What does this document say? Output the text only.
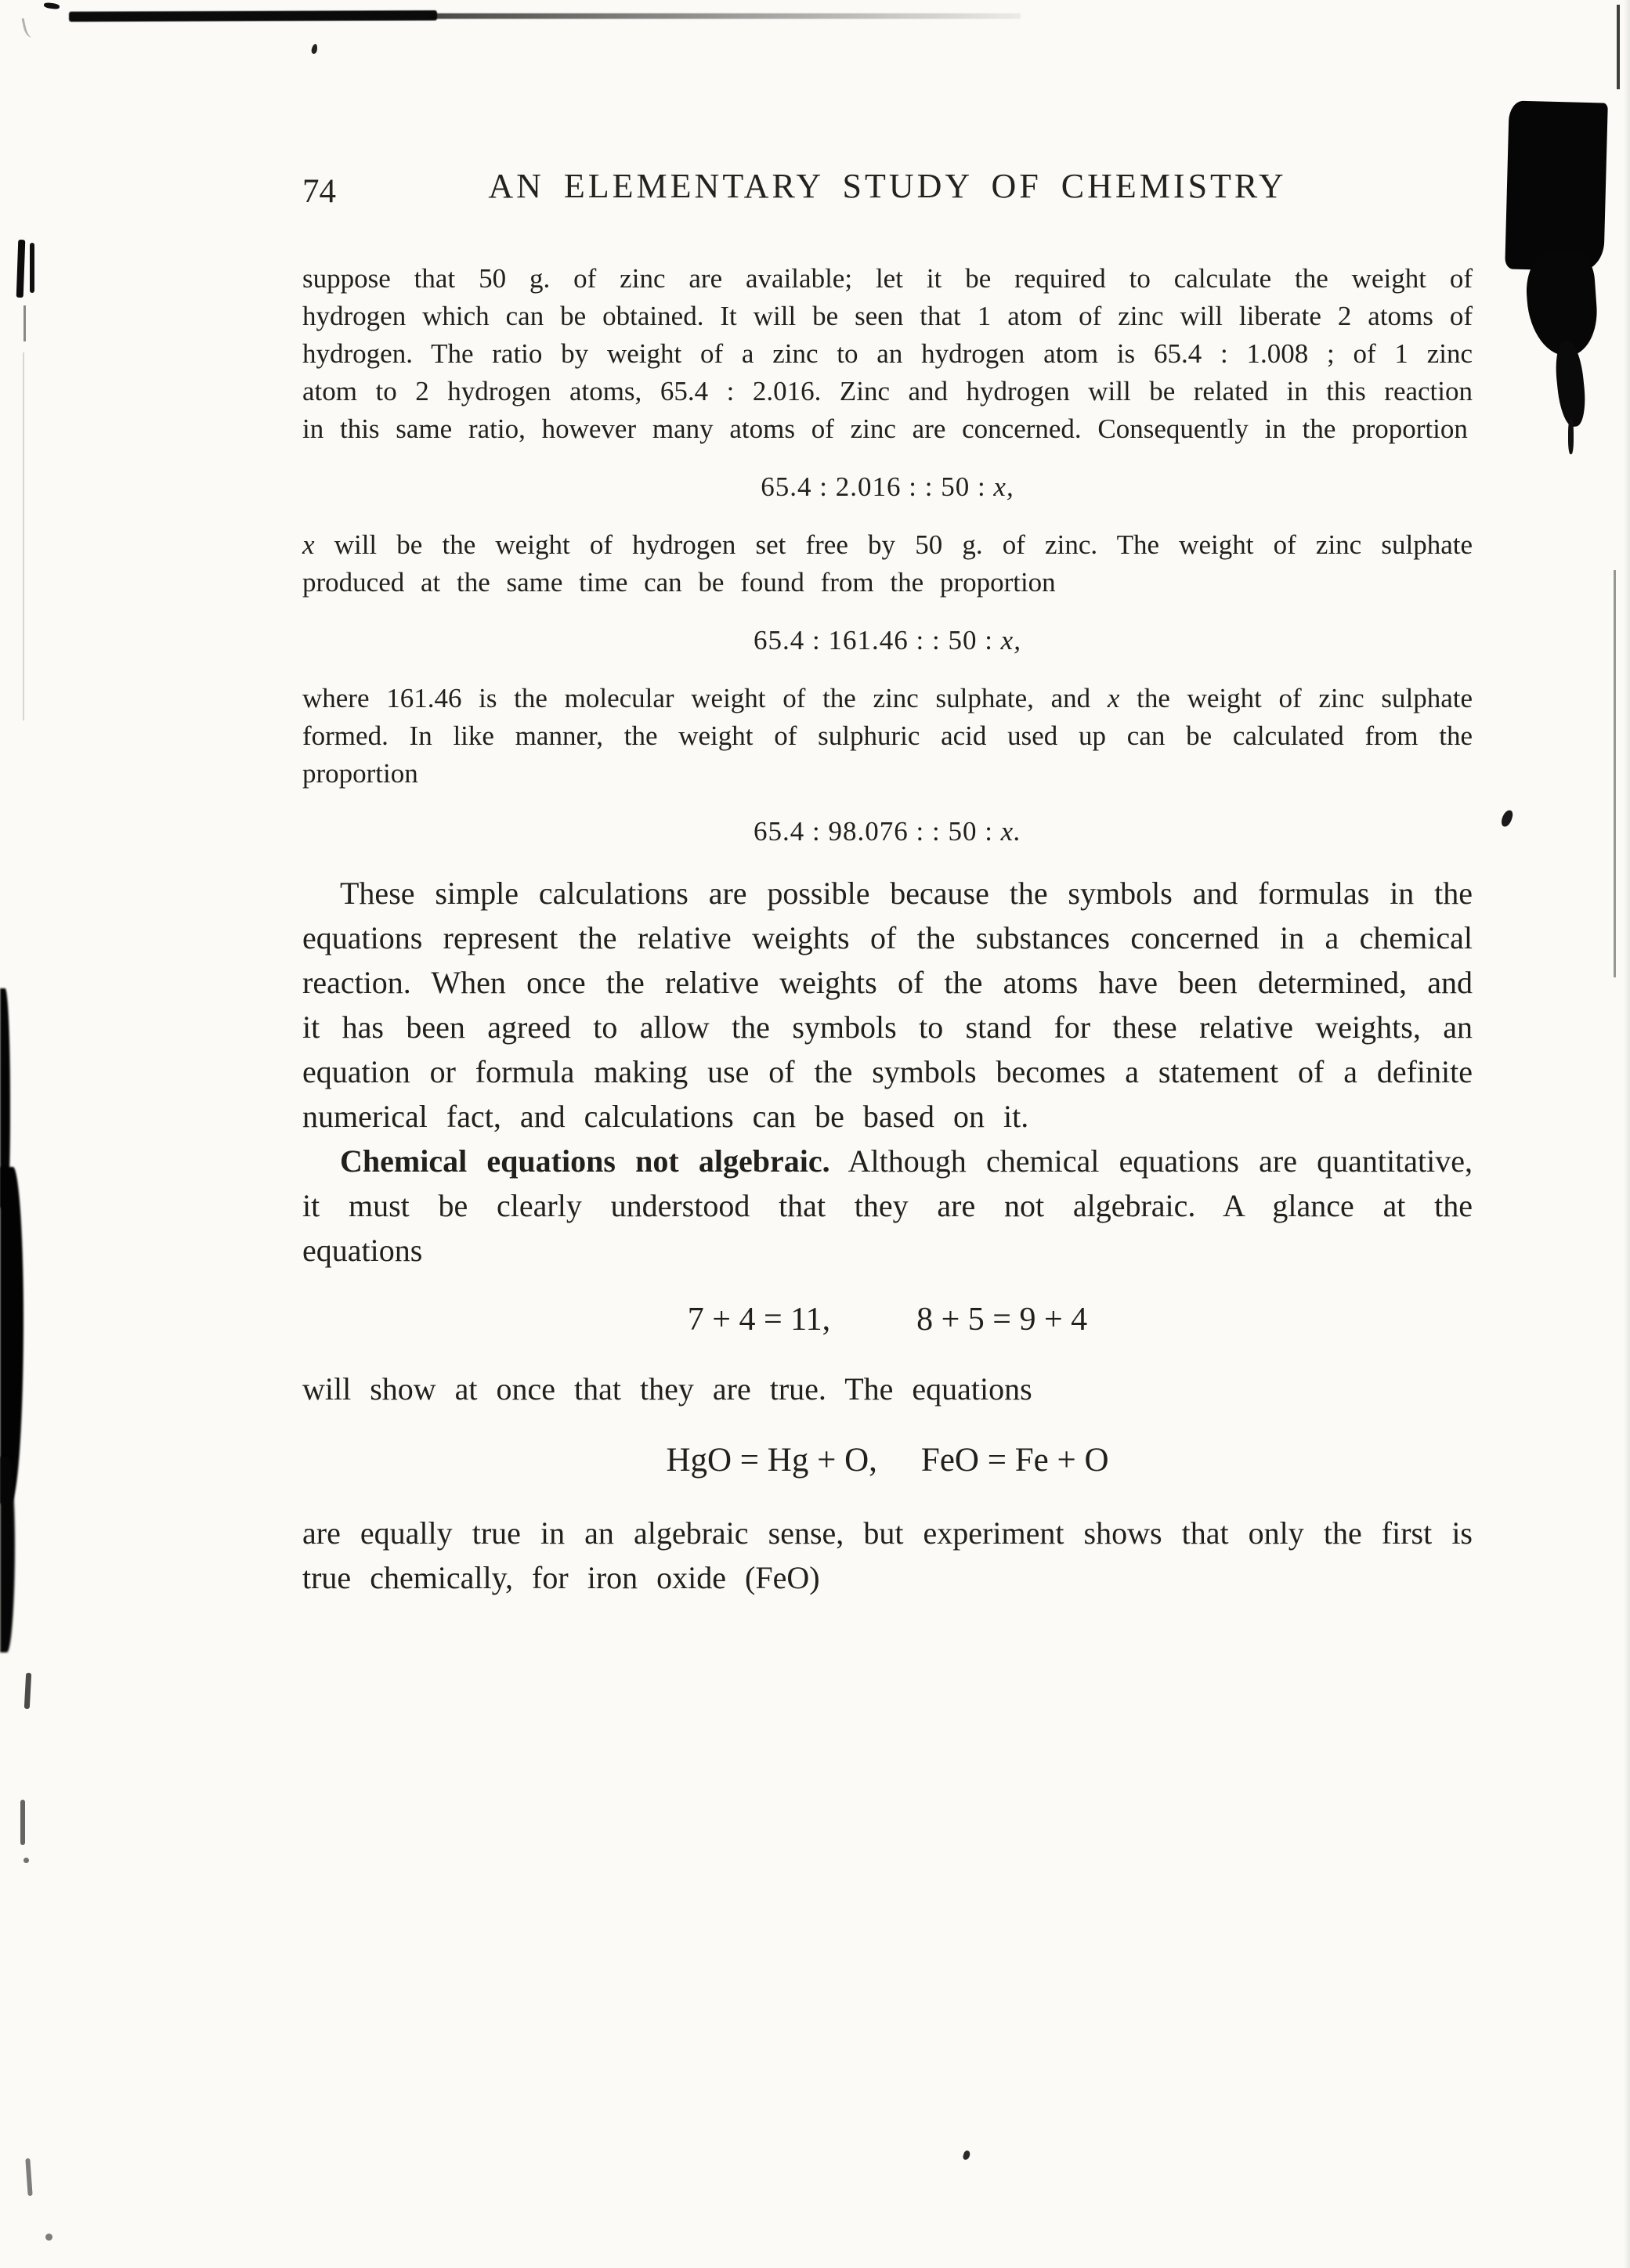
74	AN ELEMENTARY STUDY OF CHEMISTRY

suppose that 50 g. of zinc are available; let it be required to calculate the weight of hydrogen which can be obtained. It will be seen that 1 atom of zinc will liberate 2 atoms of hydrogen. The ratio by weight of a zinc to an hydrogen atom is 65.4 : 1.008 ; of 1 zinc atom to 2 hydrogen atoms, 65.4 : 2.016. Zinc and hydrogen will be related in this reaction in this same ratio, however many atoms of zinc are concerned. Consequently in the proportion

65.4 : 2.016 : : 50 : x,

x will be the weight of hydrogen set free by 50 g. of zinc. The weight of zinc sulphate produced at the same time can be found from the proportion

65.4 : 161.46 : : 50 : x,

where 161.46 is the molecular weight of the zinc sulphate, and x the weight of zinc sulphate formed. In like manner, the weight of sulphuric acid used up can be calculated from the proportion

65.4 : 98.076 : : 50 : x.

These simple calculations are possible because the symbols and formulas in the equations represent the relative weights of the substances concerned in a chemical reaction. When once the relative weights of the atoms have been determined, and it has been agreed to allow the symbols to stand for these relative weights, an equation or formula making use of the symbols becomes a statement of a definite numerical fact, and calculations can be based on it.

Chemical equations not algebraic. Although chemical equations are quantitative, it must be clearly understood that they are not algebraic. A glance at the equations

7 + 4 = 11,	8 + 5 = 9 + 4

will show at once that they are true. The equations

HgO = Hg + O, FeO = Fe + O

are equally true in an algebraic sense, but experiment shows that only the first is true chemically, for iron oxide (FeO)
